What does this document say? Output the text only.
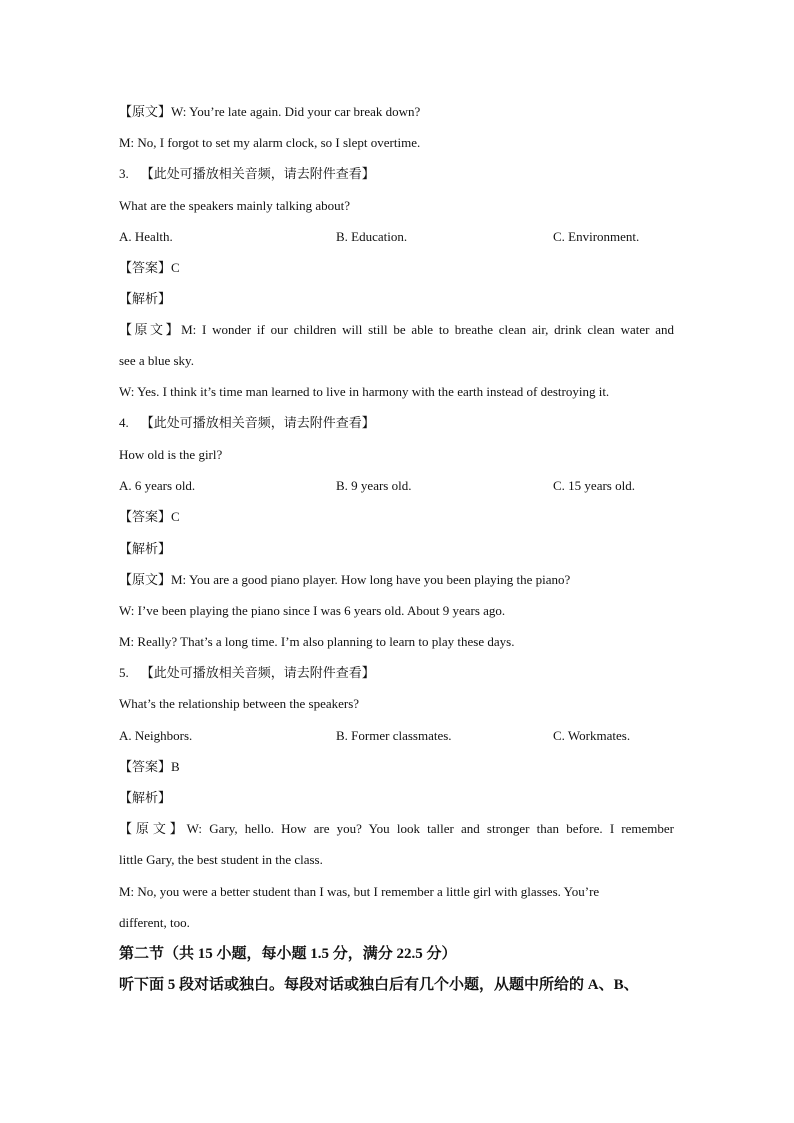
【原文】W: You’re late again. Did your car break down?
M: No, I forgot to set my alarm clock, so I slept overtime.
3. 【此处可播放相关音频，请去附件查看】
What are the speakers mainly talking about?
A. Health.	B. Education.	C. Environment.
【答案】C
【解析】
【原文】M: I wonder if our children will still be able to breathe clean air, drink clean water and
see a blue sky.
W: Yes. I think it’s time man learned to live in harmony with the earth instead of destroying it.
4. 【此处可播放相关音频，请去附件查看】
How old is the girl?
A. 6 years old.	B. 9 years old.	C. 15 years old.
【答案】C
【解析】
【原文】M: You are a good piano player. How long have you been playing the piano?
W: I’ve been playing the piano since I was 6 years old. About 9 years ago.
M: Really? That’s a long time. I’m also planning to learn to play these days.
5. 【此处可播放相关音频，请去附件查看】
What’s the relationship between the speakers?
A. Neighbors.	B. Former classmates.	C. Workmates.
【答案】B
【解析】
【原文】W: Gary, hello. How are you? You look taller and stronger than before. I remember
little Gary, the best student in the class.
M: No, you were a better student than I was, but I remember a little girl with glasses. You’re
different, too.
第二节（共 15 小题，每小题 1.5 分，满分 22.5 分）
听下面 5 段对话或独白。每段对话或独白后有几个小题，从题中所给的 A、B、
